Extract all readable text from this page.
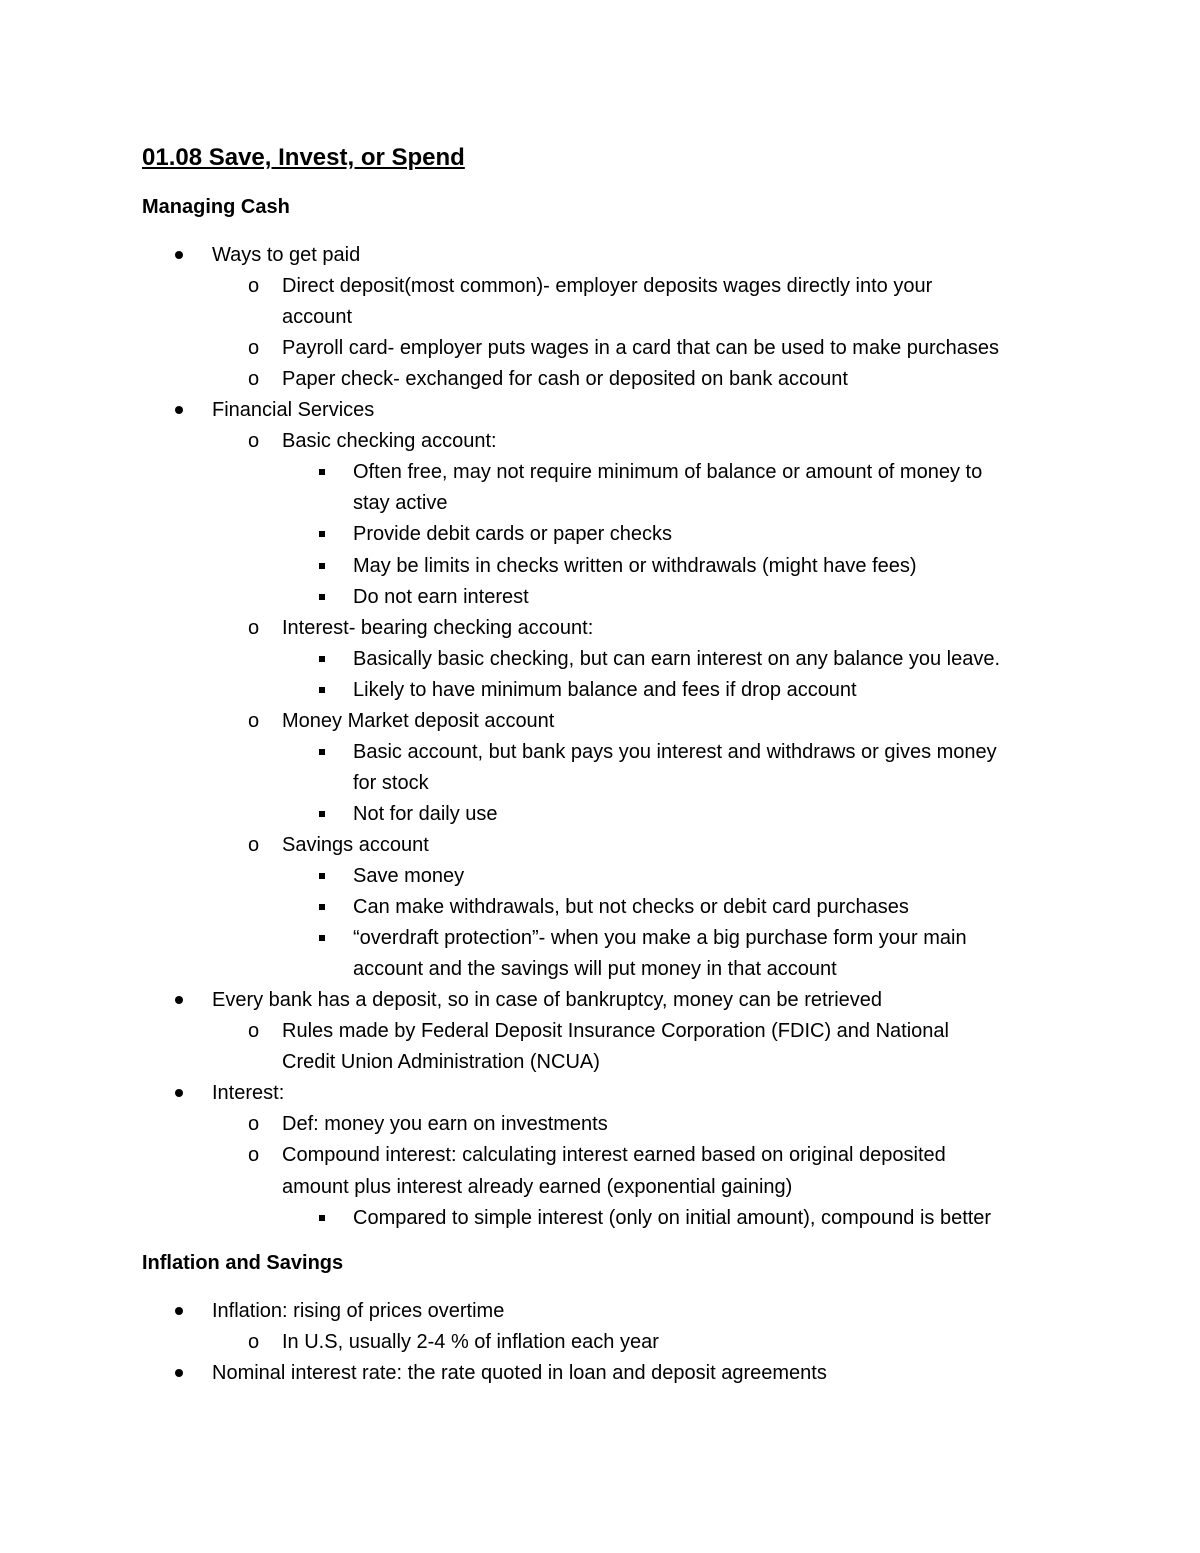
01.08 Save, Invest, or Spend
Managing Cash
Ways to get paid
o Direct deposit(most common)- employer deposits wages directly into your
account
o Payroll card- employer puts wages in a card that can be used to make purchases
o Paper check- exchanged for cash or deposited on bank account
Financial Services
o Basic checking account:
Often free, may not require minimum of balance or amount of money to
stay active
Provide debit cards or paper checks
May be limits in checks written or withdrawals (might have fees)
Do not earn interest
o Interest- bearing checking account:
Basically basic checking, but can earn interest on any balance you leave.
Likely to have minimum balance and fees if drop account
o Money Market deposit account
Basic account, but bank pays you interest and withdraws or gives money
for stock
Not for daily use
o Savings account
Save money
Can make withdrawals, but not checks or debit card purchases
“overdraft protection”- when you make a big purchase form your main
account and the savings will put money in that account
Every bank has a deposit, so in case of bankruptcy, money can be retrieved
o Rules made by Federal Deposit Insurance Corporation (FDIC) and National
Credit Union Administration (NCUA)
Interest:
o Def: money you earn on investments
o Compound interest: calculating interest earned based on original deposited
amount plus interest already earned (exponential gaining)
Compared to simple interest (only on initial amount), compound is better
Inflation and Savings
Inflation: rising of prices overtime
o In U.S, usually 2-4 % of inflation each year
Nominal interest rate: the rate quoted in loan and deposit agreements
